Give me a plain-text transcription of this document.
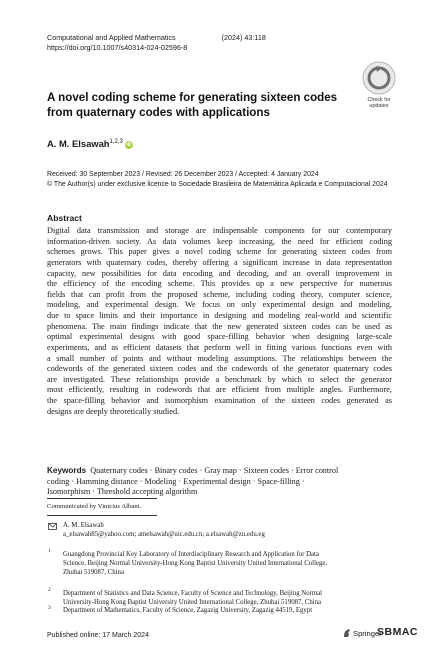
Computational and Applied Mathematics	(2024) 43:118
https://doi.org/10.1007/s40314-024-02596-8
Check for
updates
A novel coding scheme for generating sixteen codes from quaternary codes with applications
A. M. Elsawah$^{1,2,3}$iD
Received: 30 September 2023 / Revised: 26 December 2023 / Accepted: 4 January 2024
© The Author(s) under exclusive licence to Sociedade Brasileira de Matemática Aplicada e Computacional 2024
Abstract
Digital data transmission and storage are indispensable components for our contemporary
information-driven society. As data volumes keep increasing, the need for efficient coding
schemes grows. This paper gives a novel coding scheme for generating sixteen codes from
generators with quaternary codes, thereby offering a significant increase in data representation
capacity, new possibilities for data encoding and decoding, and an overall improvement in
the efficiency of the encoding scheme. This provides up a new perspective for numerous
fields that can profit from the proposed scheme, including coding theory, computer science,
modeling, and experimental design. We focus on only experimental design and modeling,
due to space limits and their importance in designing and modeling real-world and scientific
phenomena. The main findings indicate that the new generated sixteen codes can be used as
optimal experimental designs with good space-filling behavior when designing large-scale
experiments, and as efficient datasets that perform well in fitting various functions even with
a small number of points and without modeling assumptions. The relationships between the
codewords of the generated sixteen codes and the codewords of the generator quaternary codes
are investigated. These relationships provide a benchmark by which to select the generator
most efficiently, resulting in codewords that are efficient from multiple angles. Furthermore,
the space-filling behavior and isomorphism examination of the sixteen codes generated as
designs are deeply theoretically studied.
Keywords Quaternary codes · Binary codes · Gray map · Sixteen codes · Error control
coding · Hamming distance · Modeling · Experimental design · Space-filling ·
Isomorphism · Threshold accepting algorithm
Communicated by Vinicius Albani.
A. M. Elsawah
a_elsawah85@yahoo.com; amelsawah@uic.edu.cn; a.elsawah@zu.edu.eg
1 Guangdong Provincial Key Laboratory of Interdisciplinary Research and Application for Data
Science, Beijing Normal University-Hong Kong Baptist University United International College,
Zhuhai 519087, China
2 Department of Statistics and Data Science, Faculty of Science and Technology, Beijing Normal
University-Hong Kong Baptist University United International College, Zhuhai 519087, China
3 Department of Mathematics, Faculty of Science, Zagazig University, Zagazig 44519, Egypt
Published online: 17 March 2024	Springer
SBMAC
